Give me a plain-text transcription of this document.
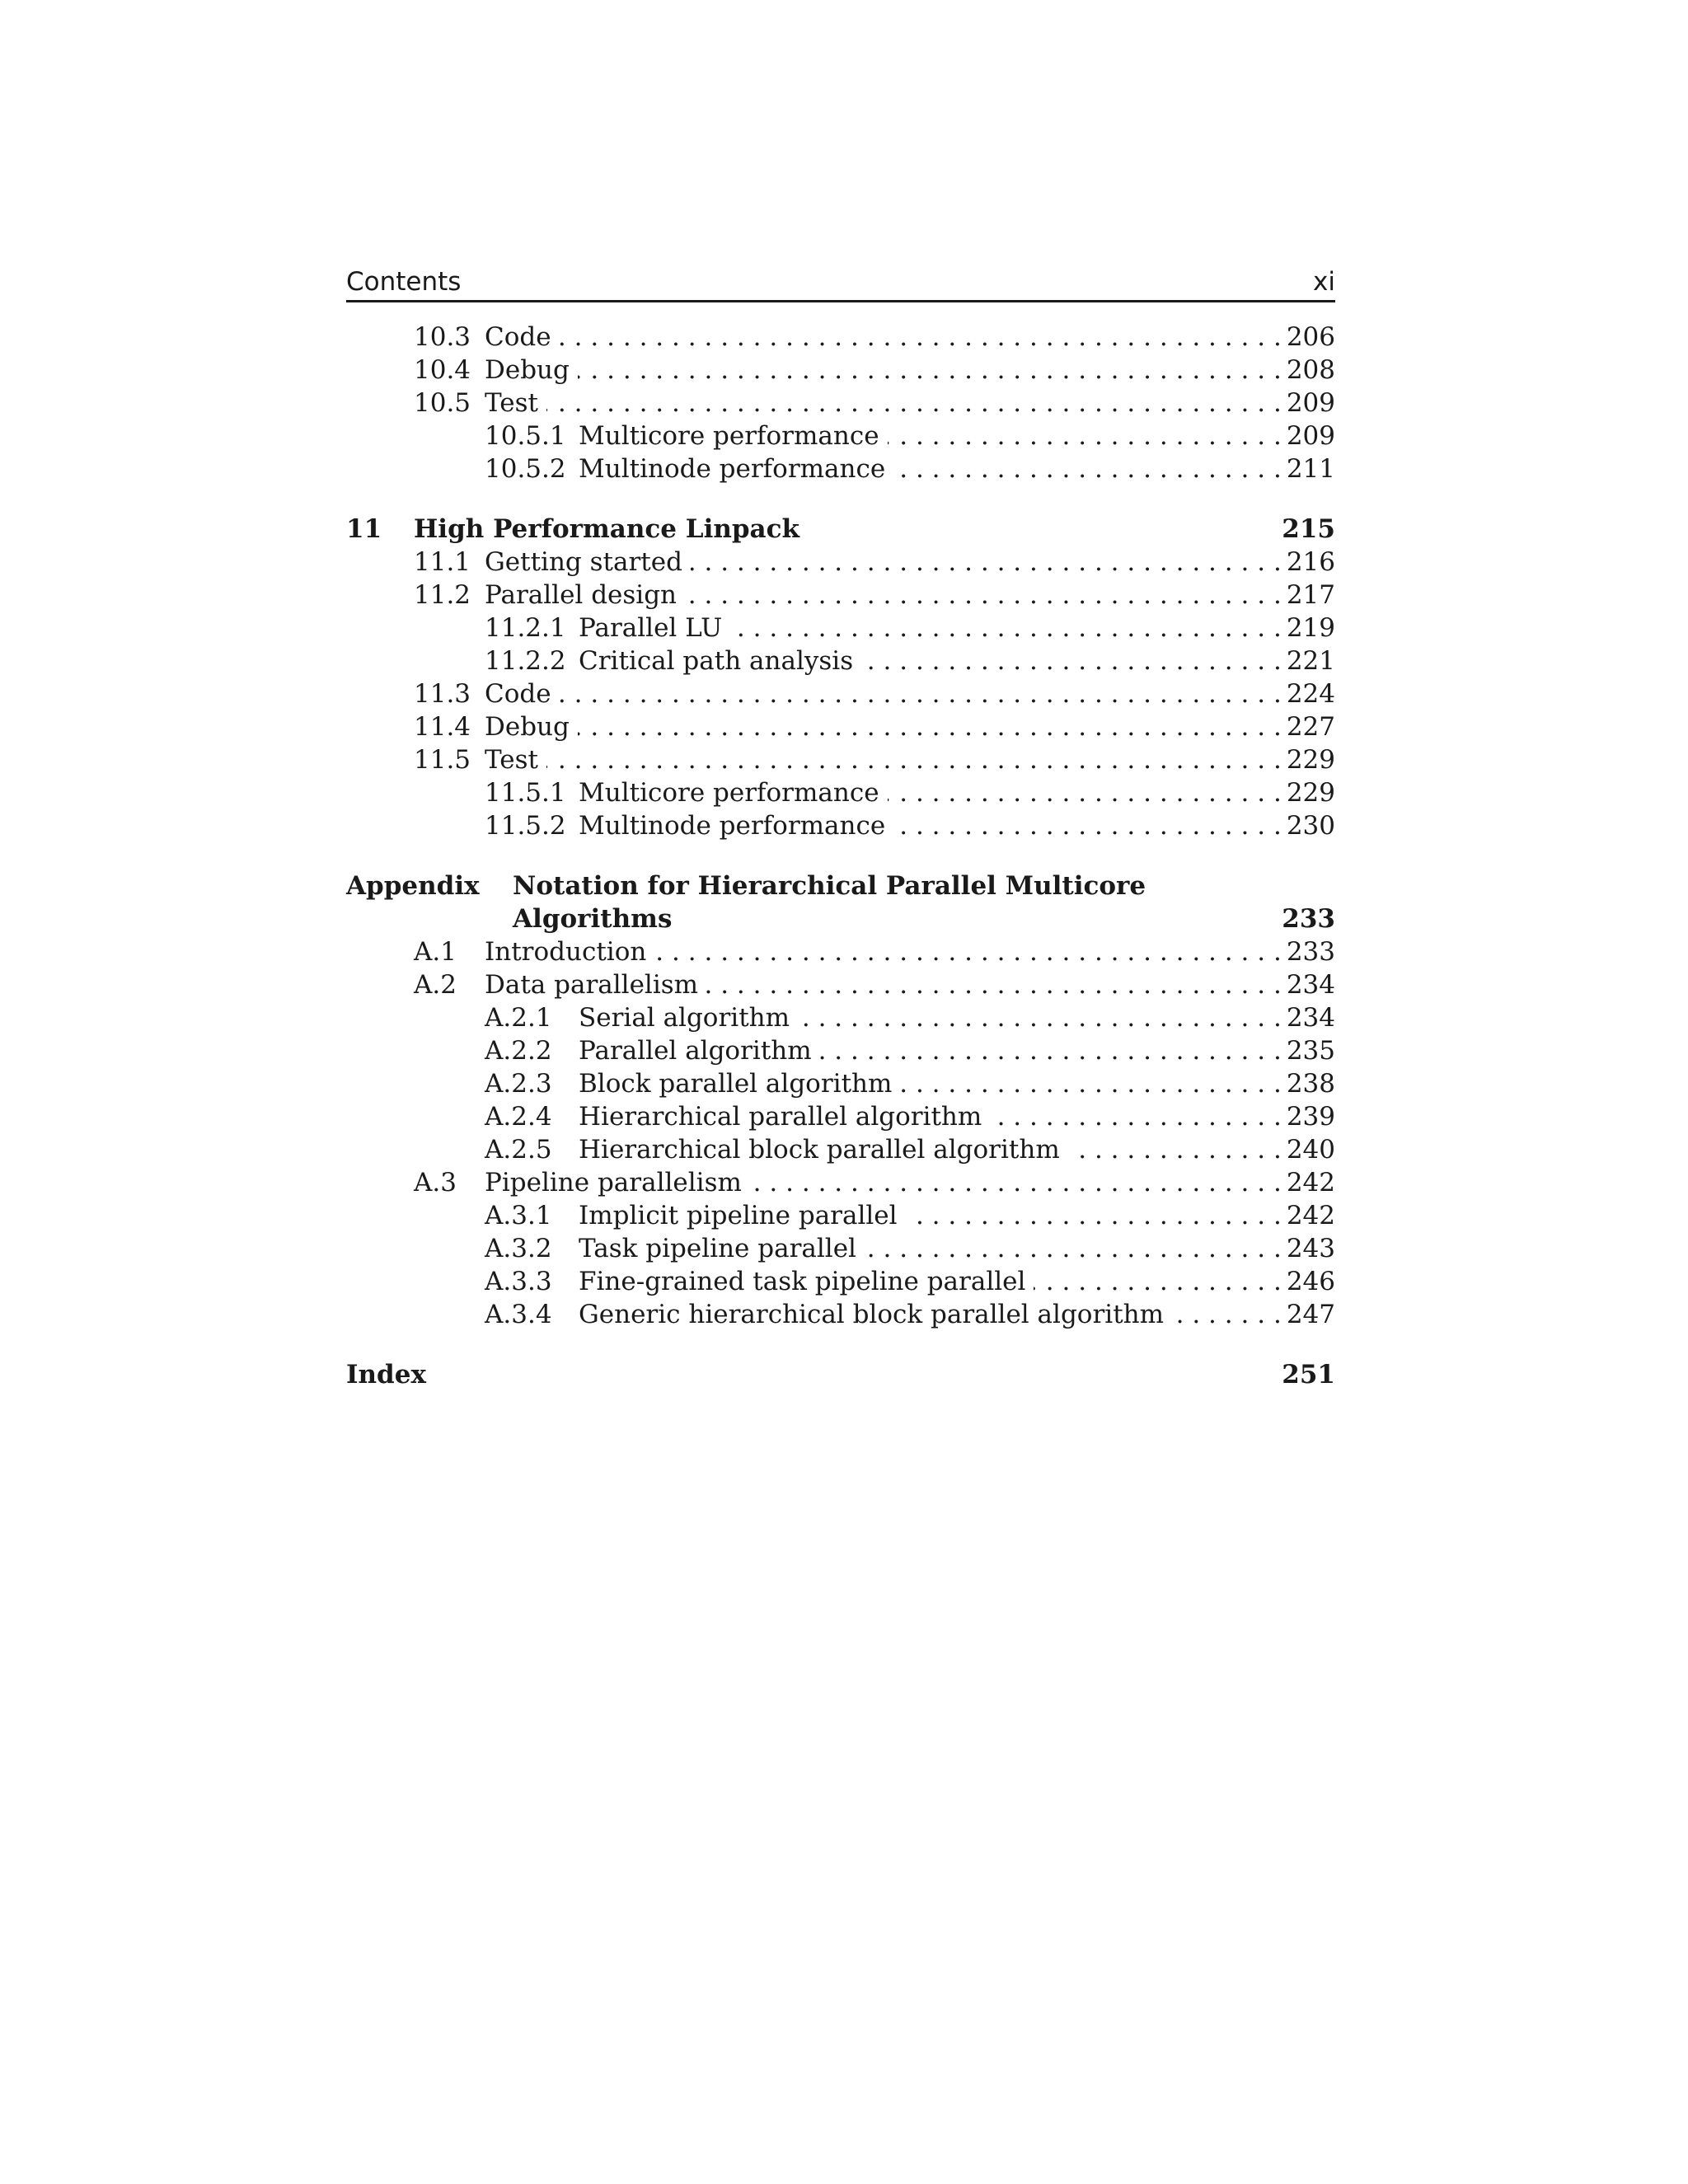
Contents	xi
10.3 Code . . .	206
10.4 Debug . . .	208
10.5 Test . . .	209
10.5.1 Multicore performance . . .	209
10.5.2 Multinode performance . . .	211
11	High Performance Linpack	215
11.1 Getting started . . .	216
11.2 Parallel design . . .	217
11.2.1 Parallel LU . . .	219
11.2.2 Critical path analysis . . .	221
11.3 Code . . .	224
11.4 Debug . . .	227
11.5 Test . . .	229
11.5.1 Multicore performance . . .	229
11.5.2 Multinode performance . . .	230
Appendix	Notation for Hierarchical Parallel Multicore
Algorithms	233
A.1	Introduction . . .	233
A.2	Data parallelism . . .	234
A.2.1	Serial algorithm . . .	234
A.2.2	Parallel algorithm . . .	235
A.2.3	Block parallel algorithm . . .	238
A.2.4	Hierarchical parallel algorithm . . .	239
A.2.5	Hierarchical block parallel algorithm . . .	240
A.3	Pipeline parallelism . . .	242
A.3.1	Implicit pipeline parallel . . .	242
A.3.2	Task pipeline parallel . . .	243
A.3.3	Fine-grained task pipeline parallel . . .	246
A.3.4	Generic hierarchical block parallel algorithm . . .	247
Index	251
